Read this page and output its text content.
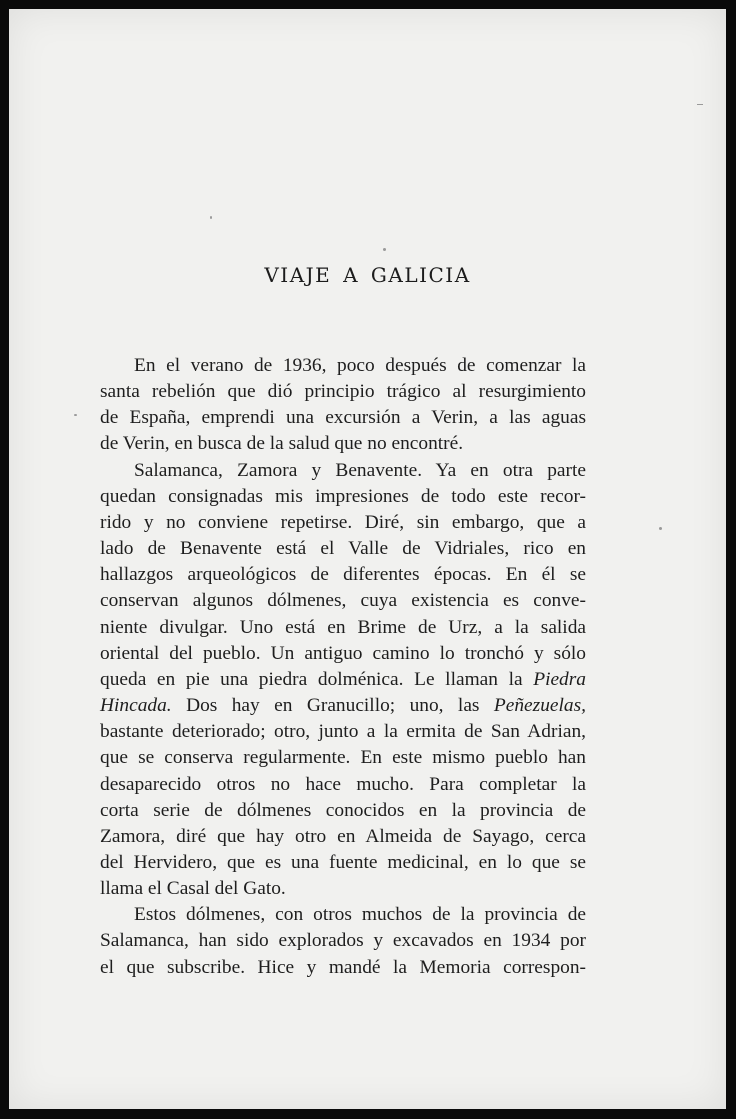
VIAJE A GALICIA

En el verano de 1936, poco después de comenzar la
santa rebelión que dió principio trágico al resurgimiento
de España, emprendi una excursión a Verin, a las aguas
de Verin, en busca de la salud que no encontré.

Salamanca, Zamora y Benavente. Ya en otra parte
quedan consignadas mis impresiones de todo este recor-
rido y no conviene repetirse. Diré, sin embargo, que a
lado de Benavente está el Valle de Vidriales, rico en
hallazgos arqueológicos de diferentes épocas. En él se
conservan algunos dólmenes, cuya existencia es conve-
niente divulgar. Uno está en Brime de Urz, a la salida
oriental del pueblo. Un antiguo camino lo tronchó y sólo
queda en pie una piedra dolménica. Le llaman la Piedra
Hincada. Dos hay en Granucillo; uno, las Peñezuelas,
bastante deteriorado; otro, junto a la ermita de San Adrian,
que se conserva regularmente. En este mismo pueblo han
desaparecido otros no hace mucho. Para completar la
corta serie de dólmenes conocidos en la provincia de
Zamora, diré que hay otro en Almeida de Sayago, cerca
del Hervidero, que es una fuente medicinal, en lo que se
llama el Casal del Gato.

Estos dólmenes, con otros muchos de la provincia de
Salamanca, han sido explorados y excavados en 1934 por
el que subscribe. Hice y mandé la Memoria correspon-
